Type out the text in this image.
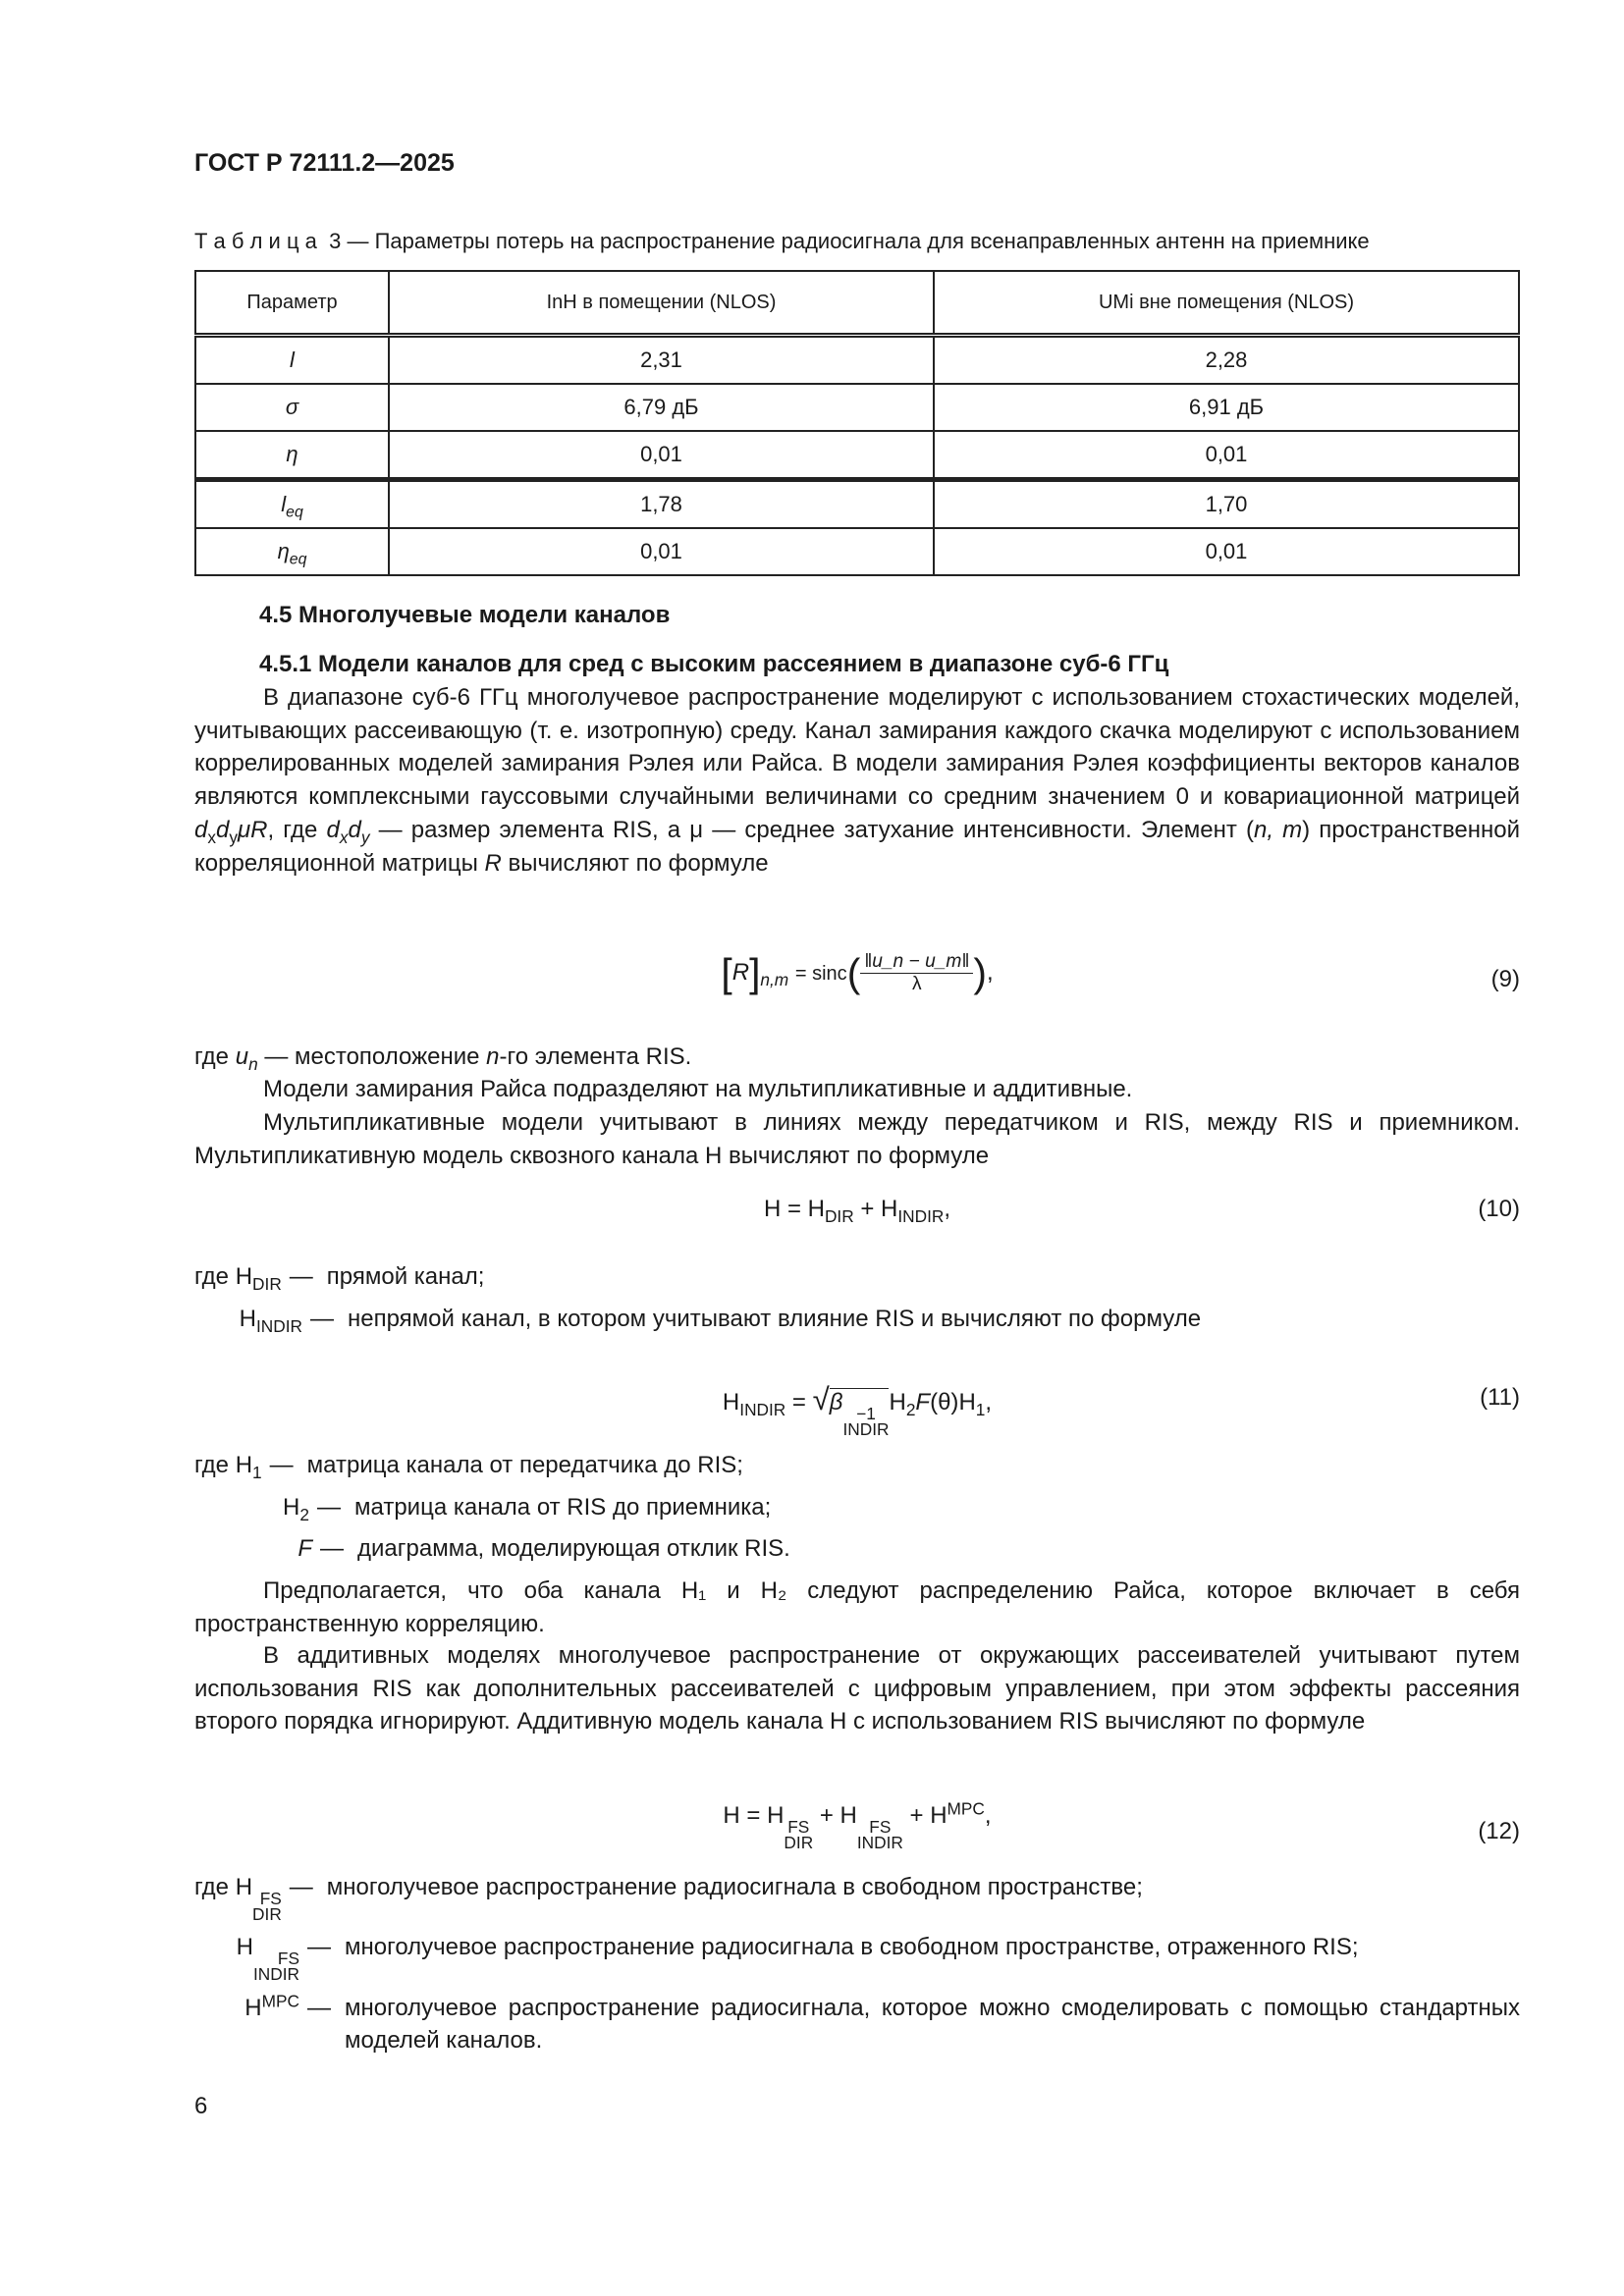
ГОСТ Р 72111.2—2025
Т а б л и ц а  3 — Параметры потерь на распространение радиосигнала для всенаправленных антенн на приемнике
Параметр	InH в помещении (NLOS)	UMi вне помещения (NLOS)
l	2,31	2,28
σ	6,79 дБ	6,91 дБ
η	0,01	0,01
$l_{eq}$	1,78	1,70
$\eta_{eq}$	0,01	0,01
4.5 Многолучевые модели каналов
4.5.1 Модели каналов для сред с высоким рассеянием в диапазоне суб-6 ГГц
В диапазоне суб-6 ГГц многолучевое распространение моделируют с использованием стохастических моделей, учитывающих рассеивающую (т. е. изотропную) среду. Канал замирания каждого скачка моделируют с использованием коррелированных моделей замирания Рэлея или Райса. В модели замирания Рэлея коэффициенты векторов каналов являются комплексными гауссовыми случайными величинами со средним значением 0 и ковариационной матрицей $d_xd_y\mu R$, где $d_xd_y$ — размер элемента RIS, а μ — среднее затухание интенсивности. Элемент (n, m) пространственной корреляционной матрицы R вычисляют по формуле
$[R]_{n,m} = \sin c( \frac{‖u\_n - u\_m‖}{\lambda}$ ),	(9)
где $u_n$ — местоположение n-го элемента RIS.
Модели замирания Райса подразделяют на мультипликативные и аддитивные.
Мультипликативные модели учитывают в линиях между передатчиком и RIS, между RIS и приемником. Мультипликативную модель сквозного канала H вычисляют по формуле
$H = H_{DIR} + H_{INDIR}$,	(10)
где $H_{DIR}$ — прямой канал;
$H_{INDIR}$ — непрямой канал, в котором учитывают влияние RIS и вычисляют по формуле
$H_{INDIR} = √\beta -1$
INDIR
$H_2F(\theta)H_1$,	(11)
где $H_1$ — матрица канала от передатчика до RIS;
$H_2$ — матрица канала от RIS до приемника;
F — диаграмма, моделирующая отклик RIS.
Предполагается, что оба канала H₁ и H₂ следуют распределению Райса, которое включает в себя пространственную корреляцию.
В аддитивных моделях многолучевое распространение от окружающих рассеивателей учитывают путем использования RIS как дополнительных рассеивателей с цифровым управлением, при этом эффекты рассеяния второго порядка игнорируют. Аддитивную модель канала H с использованием RIS вычисляют по формуле
H = H FS
DIR
+ H FS
INDIR
+ $H^{MPC}$,
(12)
где H FS
DIR
— многолучевое распространение радиосигнала в свободном пространстве;
H	FS
INDIR
— многолучевое распространение радиосигнала в свободном пространстве, отраженного RIS;
$H^{MPC}$ — многолучевое распространение радиосигнала, которое можно смоделировать с помощью стандартных моделей каналов.
6
